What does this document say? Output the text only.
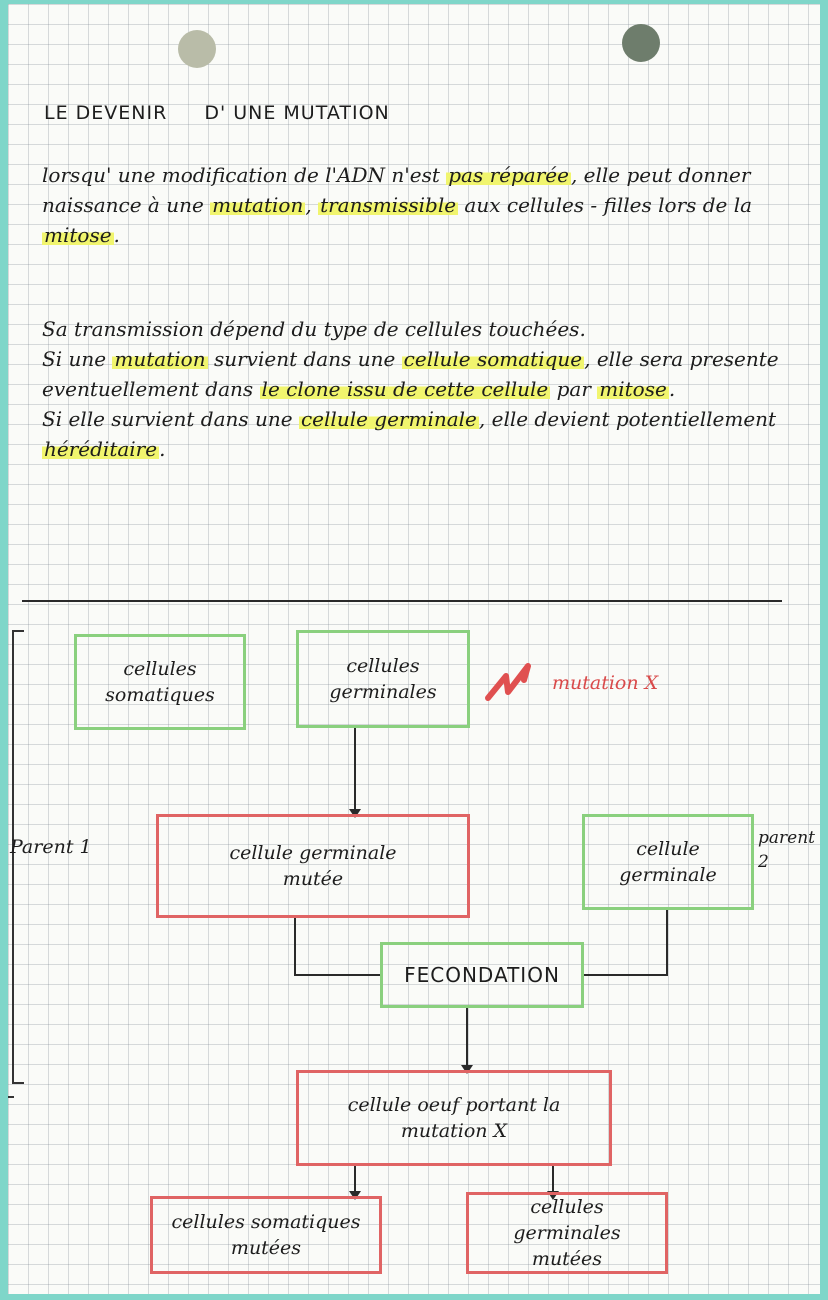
LE DEVENIR D' UNE MUTATION
lorsqu' une modification de l'ADN n'est pas réparée , elle peut donner naissance à une mutation , transmissible aux cellules - filles lors de la mitose .
Sa transmission dépend du type de cellules touchées.
Si une mutation survient dans une cellule somatique , elle sera presente eventuellement dans le clone issu de cette cellule par mitose .
Si elle survient dans une cellule germinale , elle devient potentiellement héréditaire .
cellules somatiques
cellules germinales	mutation X
Parent 1	cellule germinale mutée
cellule germinale
parent 2
FECONDATION
cellule oeuf portant la mutation X
cellules somatiques mutées
cellules germinales mutées
